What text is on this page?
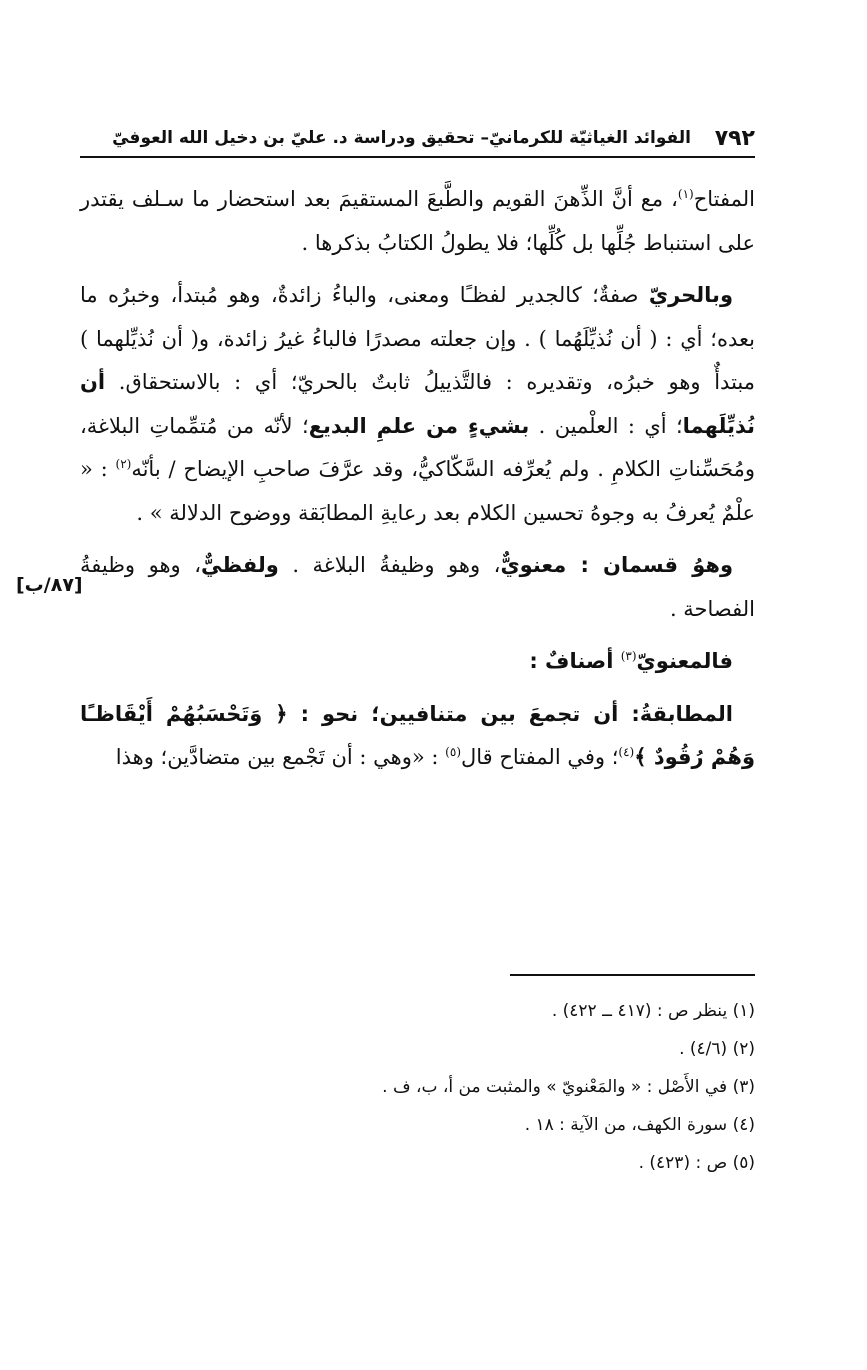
٧٩٢
الفوائد الغياثيّة للكرمانيّ– تحقيق ودراسة د. عليّ بن دخيل الله العوفيّ
[٨٧/ب]

المفتاح$^{(١)}$، مع أنَّ الذِّهنَ القويم والطَّبعَ المستقيمَ بعد استحضار ما سـلف يقتدر على استنباط جُلِّها بل كُلِّها؛ فلا يطولُ الكتابُ بذكرها .

وبالحريّ صفةٌ؛ كالجدير لفظـًا ومعنى، والباءُ زائدةٌ، وهو مُبتدأ، وخبرُه ما بعده؛ أي : ( أن نُذيِّلَهُما ) . وإن جعلته مصدرًا فالباءُ غيرُ زائدة، و( أن نُذيِّلهما ) مبتدأٌ وهو خبرُه، وتقديره : فالتَّذييلُ ثابتٌ بالحريّ؛ أي : بالاستحقاق. أن نُذيِّلَهما؛ أي : العلْمين . بشيءٍ من علمِ البديع؛ لأنّه من مُتمِّماتِ البلاغة، ومُحَسِّناتِ الكلامِ . ولم يُعرِّفه السَّكّاكيُّ، وقد عرَّفَ صاحبِ الإيضاح / بأنّه$^{(٢)}$ : « علْمٌ يُعرفُ به وجوهُ تحسين الكلام بعد رعايةِ المطابَقة ووضوح الدلالة » .

وهوُ قسمان : معنويٌّ، وهو وظيفةُ البلاغة . ولفظيٌّ، وهو وظيفةُ الفصاحة .

فالمعنويّ$^{(٣)}$ أصنافٌ :

المطابقةُ: أن تجمعَ بين متنافيين؛ نحو : ﴿ وَتَحْسَبُهُمْ أَيْقَاظـًا وَهُمْ رُقُودٌ ﴾$^{(٤)}$؛ وفي المفتاح قال$^{(٥)}$ : «وهي : أن تَجْمع بين متضادَّين؛ وهذا

(١) ينظر ص : (٤١٧ ــ ٤٢٢) .

(٢) (٤/٦) .

(٣) في الأَصْل : « والمَعْنويّ » والمثبت من أ، ب، ف .

(٤) سورة الكهف، من الآية : ١٨ .

(٥) ص : (٤٢٣) .
